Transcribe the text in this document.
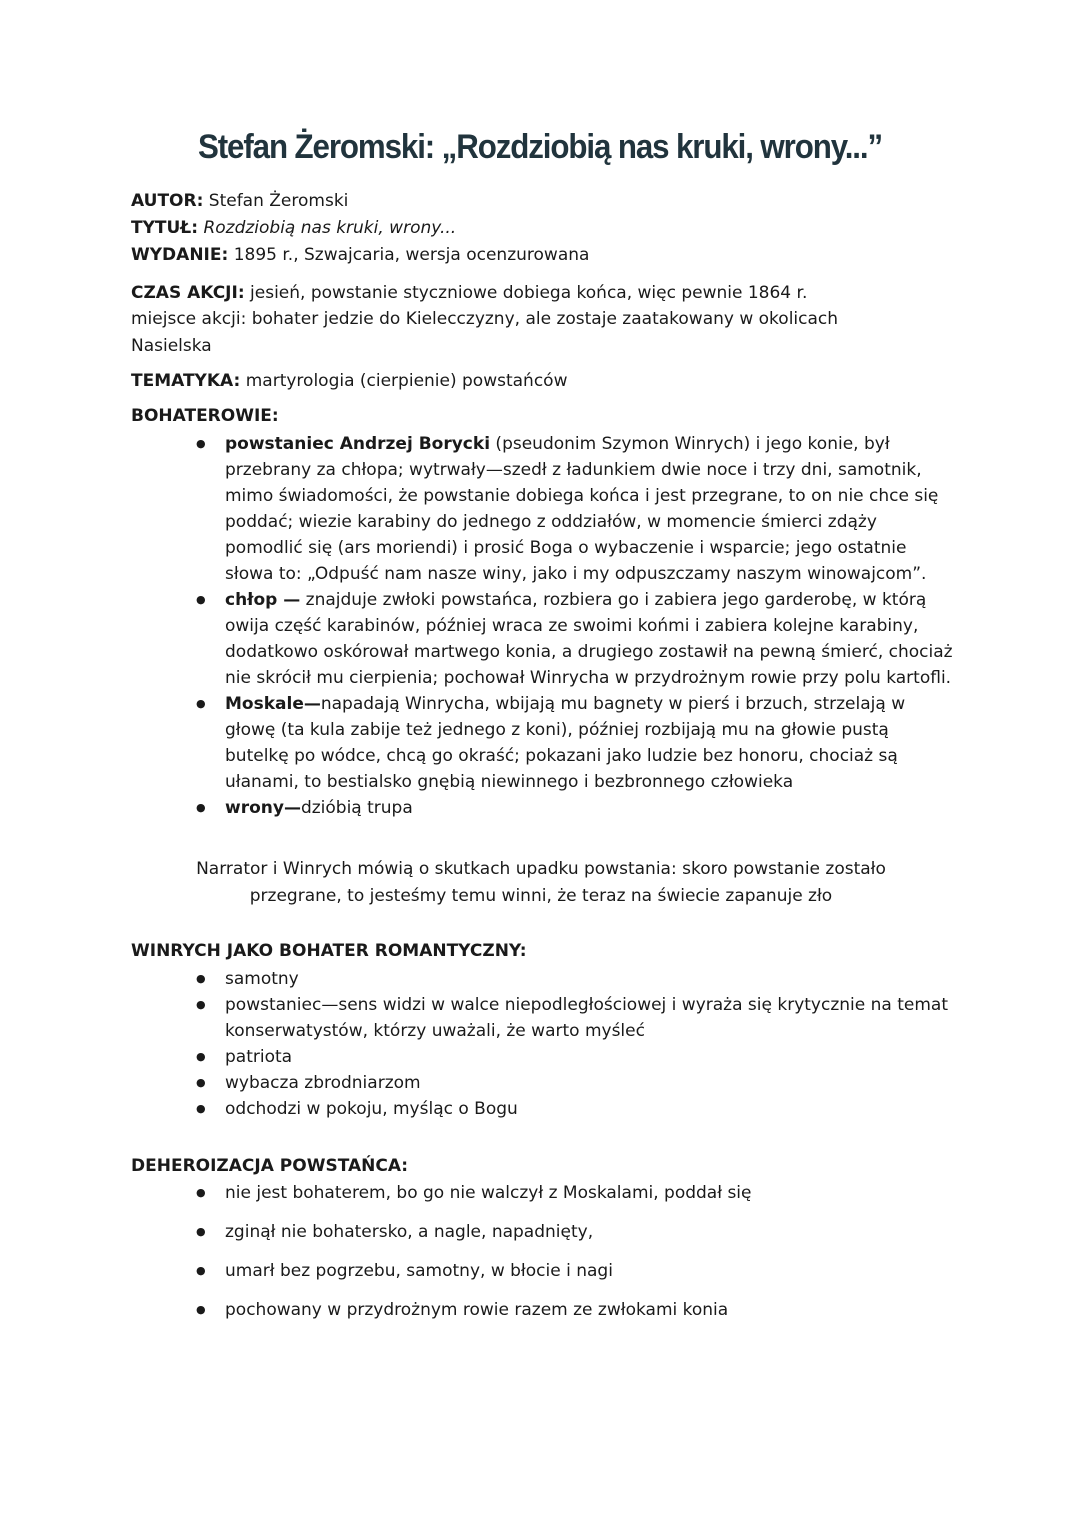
Stefan Żeromski: „Rozdziobią nas kruki, wrony...”
AUTOR: Stefan Żeromski
TYTUŁ: Rozdziobią nas kruki, wrony...
WYDANIE: 1895 r., Szwajcaria, wersja ocenzurowana
CZAS AKCJI: jesień, powstanie styczniowe dobiega końca, więc pewnie 1864 r.
miejsce akcji: bohater jedzie do Kielecczyzny, ale zostaje zaatakowany w okolicach
Nasielska
TEMATYKA: martyrologia (cierpienie) powstańców
BOHATEROWIE:
● powstaniec Andrzej Borycki (pseudonim Szymon Winrych) i jego konie, był przebrany za chłopa; wytrwały—szedł z ładunkiem dwie noce i trzy dni, samotnik, mimo świadomości, że powstanie dobiega końca i jest przegrane, to on nie chce się poddać; wiezie karabiny do jednego z oddziałów, w momencie śmierci zdąży pomodlić się (ars moriendi) i prosić Boga o wybaczenie i wsparcie; jego ostatnie słowa to: „Odpuść nam nasze winy, jako i my odpuszczamy naszym winowajcom”.
● chłop — znajduje zwłoki powstańca, rozbiera go i zabiera jego garderobę, w którą owija część karabinów, później wraca ze swoimi końmi i zabiera kolejne karabiny, dodatkowo oskórował martwego konia, a drugiego zostawił na pewną śmierć, chociaż nie skrócił mu cierpienia; pochował Winrycha w przydrożnym rowie przy polu kartofli.
● Moskale—napadają Winrycha, wbijają mu bagnety w pierś i brzuch, strzelają w głowę (ta kula zabije też jednego z koni), później rozbijają mu na głowie pustą butelkę po wódce, chcą go okraść; pokazani jako ludzie bez honoru, chociaż są ułanami, to bestialsko gnębią niewinnego i bezbronnego człowieka
● wrony—dzióbią trupa
Narrator i Winrych mówią o skutkach upadku powstania: skoro powstanie zostało
przegrane, to jesteśmy temu winni, że teraz na świecie zapanuje zło
WINRYCH JAKO BOHATER ROMANTYCZNY:
● samotny
● powstaniec—sens widzi w walce niepodległościowej i wyraża się krytycznie na temat konserwatystów, którzy uważali, że warto myśleć
● patriota
● wybacza zbrodniarzom
● odchodzi w pokoju, myśląc o Bogu
DEHEROIZACJA POWSTAŃCA:
● nie jest bohaterem, bo go nie walczył z Moskalami, poddał się
● zginął nie bohatersko, a nagle, napadnięty,
● umarł bez pogrzebu, samotny, w błocie i nagi
● pochowany w przydrożnym rowie razem ze zwłokami konia
